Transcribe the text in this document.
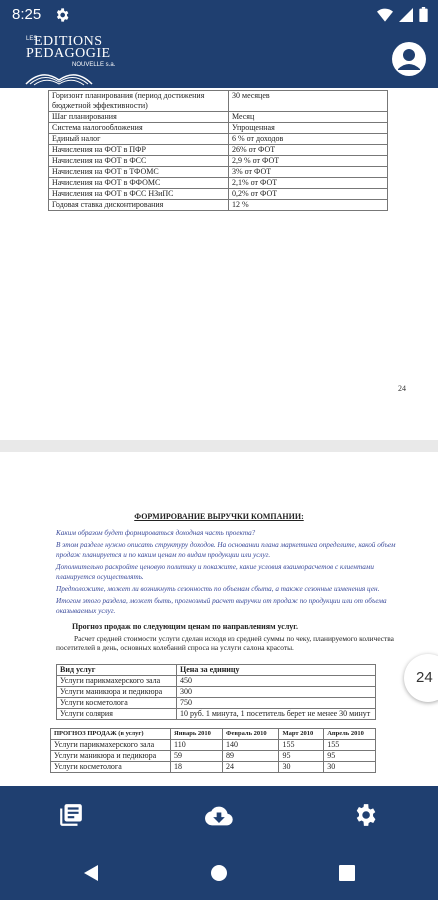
8:25
LES
EDITIONS
PEDAGOGIE
NOUVELLE s.a.
Горизонт планирования (период достижения бюджетной эффективности)	30 месяцев
Шаг планирования	Месяц
Система налогообложения	Упрощенная
Единый налог	6 % от доходов
Начисления на ФОТ в ПФР	26% от ФОТ
Начисления на ФОТ в ФСС	2,9 % от ФОТ
Начисления на ФОТ в ТФОМС	3% от ФОТ
Начисления на ФОТ в ФФОМС	2,1% от ФОТ
Начисления на ФОТ в ФСС НЗиПС	0,2% от ФОТ
Годовая ставка дисконтирования	12 %
24
ФОРМИРОВАНИЕ ВЫРУЧКИ КОМПАНИИ:

Каким образом будет формироваться доходная часть проекта?

В этом разделе нужно описать структуру доходов. На основании плана маркетинга определите, какой объем продаж планируется и по каким ценам по видам продукции или услуг.

Дополнительно раскройте ценовую политику и покажите, какие условия взаиморасчетов с клиентами планируется осуществлять.

Предположите, может ли возникнуть сезонность по объемам сбыта, а также сезонные изменения цен.

Итогом этого раздела, может быть, прогнозный расчет выручки от продаж по продукции или от объема оказываемых услуг.

Прогноз продаж по следующим ценам по направлениям услуг.
Расчет средней стоимости услуги сделан исходя из средней суммы по чеку, планируемого количества посетителей в день, основных колебаний спроса на услуги салона красоты.
Вид услуг	Цена за единицу
Услуги парикмахерского зала	450
Услуги маникюра и педикюра	300
Услуги косметолога	750
Услуги солярия	10 руб. 1 минута, 1 посетитель берет не менее 30 минут
ПРОГНОЗ ПРОДАЖ (в услуг)	Январь 2010	Февраль 2010	Март 2010	Апрель 2010
Услуги парикмахерского зала	110	140	155	155
Услуги маникюра и педикюра	59	89	95	95
Услуги косметолога	18	24	30	30
24
